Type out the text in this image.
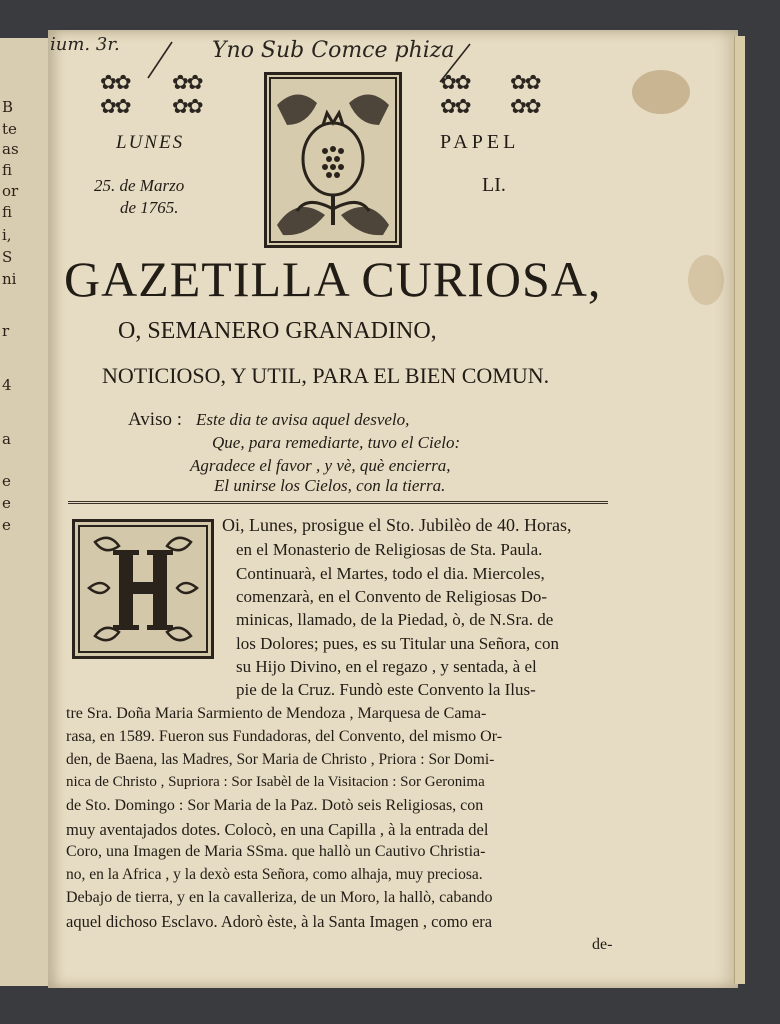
B
te
as
fi
or
fi
i,
S
ni
r
4
a
e
e
e
ium. 3r.	Yno Sub Comce phiza
✿✿
✿✿
✿✿
✿✿
✿✿
✿✿
✿✿
✿✿
LUNES
25. de Marzo
de 1765.
PAPEL
LI.
GAZETILLA CURIOSA,
O, SEMANERO GRANADINO,
NOTICIOSO, Y UTIL, PARA EL BIEN COMUN.
Aviso : Este dia te avisa aquel desvelo,
Que, para remediarte, tuvo el Cielo:
Agradece el favor , y vè, què encierra,
El unirse los Cielos, con la tierra.
Oi, Lunes, prosigue el Sto. Jubilèo de 40. Horas,
en el Monasterio de Religiosas de Sta. Paula.
Continuarà, el Martes, todo el dia. Miercoles,
comenzarà, en el Convento de Religiosas Do-
minicas, llamado, de la Piedad, ò, de N.Sra. de
los Dolores; pues, es su Titular una Señora, con
su Hijo Divino, en el regazo , y sentada, à el
pie de la Cruz. Fundò este Convento la Ilus-
tre Sra. Doña Maria Sarmiento de Mendoza , Marquesa de Cama-
rasa, en 1589. Fueron sus Fundadoras, del Convento, del mismo Or-
den, de Baena, las Madres, Sor Maria de Christo , Priora : Sor Domi-
nica de Christo , Supriora : Sor Isabèl de la Visitacion : Sor Geronima
de Sto. Domingo : Sor Maria de la Paz. Dotò seis Religiosas, con
muy aventajados dotes. Colocò, en una Capilla , à la entrada del
Coro, una Imagen de Maria SSma. que hallò un Cautivo Christia-
no, en la Africa , y la dexò esta Señora, como alhaja, muy preciosa.
Debajo de tierra, y en la cavalleriza, de un Moro, la hallò, cabando
aquel dichoso Esclavo. Adorò èste, à la Santa Imagen , como era
de-
